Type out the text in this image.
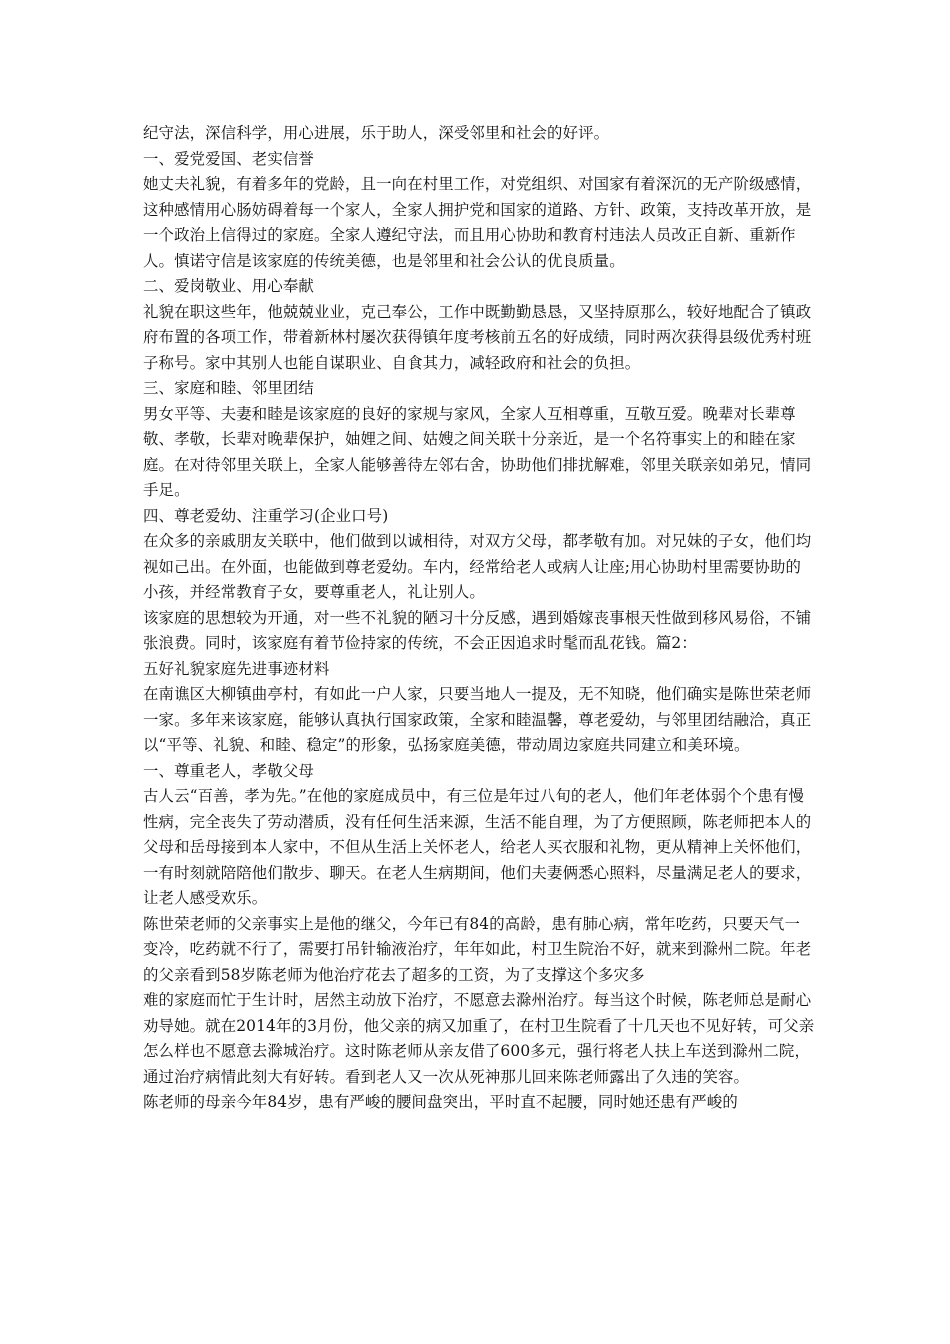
纪守法，深信科学，用心进展，乐于助人，深受邻里和社会的好评。
一、爱党爱国、老实信誉
她丈夫礼貌，有着多年的党龄，且一向在村里工作，对党组织、对国家有着深沉的无产阶级感情，这种感情用心肠妨碍着每一个家人，全家人拥护党和国家的道路、方针、政策，支持改革开放，是一个政治上信得过的家庭。全家人遵纪守法，而且用心协助和教育村违法人员改正自新、重新作人。慎诺守信是该家庭的传统美德，也是邻里和社会公认的优良质量。
二、爱岗敬业、用心奉献
礼貌在职这些年，他兢兢业业，克己奉公，工作中既勤勤恳恳，又坚持原那么，较好地配合了镇政府布置的各项工作，带着新林村屡次获得镇年度考核前五名的好成绩，同时两次获得县级优秀村班子称号。家中其别人也能自谋职业、自食其力，减轻政府和社会的负担。
三、家庭和睦、邻里团结
男女平等、夫妻和睦是该家庭的良好的家规与家风，全家人互相尊重，互敬互爱。晚辈对长辈尊敬、孝敬，长辈对晚辈保护，妯娌之间、姑嫂之间关联十分亲近，是一个名符事实上的和睦在家庭。在对待邻里关联上，全家人能够善待左邻右舍，协助他们排扰解难，邻里关联亲如弟兄，情同手足。
四、尊老爱幼、注重学习(企业口号)
在众多的亲戚朋友关联中，他们做到以诚相待，对双方父母，都孝敬有加。对兄妹的子女，他们均视如己出。在外面，也能做到尊老爱幼。车内，经常给老人或病人让座;用心协助村里需要协助的小孩，并经常教育子女，要尊重老人，礼让别人。
该家庭的思想较为开通，对一些不礼貌的陋习十分反感，遇到婚嫁丧事根天性做到移风易俗，不铺张浪费。同时，该家庭有着节俭持家的传统，不会正因追求时髦而乱花钱。篇2：
五好礼貌家庭先进事迹材料
在南谯区大柳镇曲亭村，有如此一户人家，只要当地人一提及，无不知晓，他们确实是陈世荣老师一家。多年来该家庭，能够认真执行国家政策，全家和睦温馨，尊老爱幼，与邻里团结融洽，真正以“平等、礼貌、和睦、稳定”的形象，弘扬家庭美德，带动周边家庭共同建立和美环境。
一、尊重老人，孝敬父母
古人云“百善，孝为先。”在他的家庭成员中，有三位是年过八旬的老人，他们年老体弱个个患有慢性病，完全丧失了劳动潜质，没有任何生活来源，生活不能自理，为了方便照顾，陈老师把本人的父母和岳母接到本人家中，不但从生活上关怀老人，给老人买衣服和礼物，更从精神上关怀他们，一有时刻就陪陪他们散步、聊天。在老人生病期间，他们夫妻俩悉心照料，尽量满足老人的要求，让老人感受欢乐。
陈世荣老师的父亲事实上是他的继父，今年已有84的高龄，患有肺心病，常年吃药，只要天气一变冷，吃药就不行了，需要打吊针输液治疗，年年如此，村卫生院治不好，就来到滁州二院。年老的父亲看到58岁陈老师为他治疗花去了超多的工资，为了支撑这个多灾多
难的家庭而忙于生计时，居然主动放下治疗，不愿意去滁州治疗。每当这个时候，陈老师总是耐心劝导她。就在2014年的3月份，他父亲的病又加重了，在村卫生院看了十几天也不见好转，可父亲怎么样也不愿意去滁城治疗。这时陈老师从亲友借了600多元，强行将老人扶上车送到滁州二院，通过治疗病情此刻大有好转。看到老人又一次从死神那儿回来陈老师露出了久违的笑容。
陈老师的母亲今年84岁，患有严峻的腰间盘突出，平时直不起腰，同时她还患有严峻的
